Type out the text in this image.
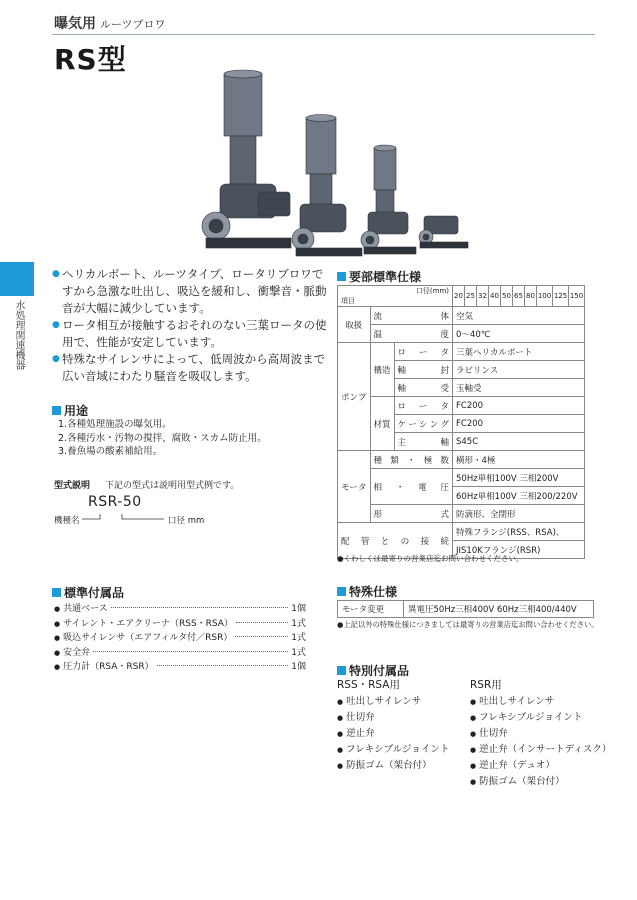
曝気用 ルーツブロワ
RS型
水処理関連機器
● ヘリカルボート、ルーツタイプ、ロータリブロワですから急激な吐出し、吸込を緩和し、衝撃音・脈動音が大幅に減少しています。
● ロータ相互が接触するおそれのない三葉ロータの使用で、性能が安定しています。
● 特殊なサイレンサによって、低周波から高周波まで広い音域にわたり騒音を吸収します。
用途
1.各種処理施設の曝気用。
2.各種汚水・汚物の撹拌、腐敗・スカム防止用。
3.養魚場の酸素補給用。
型式説明 下記の型式は説明用型式例です。
RSR-50
機種名	口径 mm
標準付属品
● 共通ベース	1個
● サイレント・エアクリーナ（RSS・RSA）	1式
● 吸込サイレンサ（エアフィルタ付／RSR）	1式
● 安全弁	1式
● 圧力計（RSA・RSR）	1個
要部標準仕様
口径(mm)
項目			20	25	32	40	50	65	80	100	125	150
取扱	流体		空気									
	温度		0～40℃									
ポンプ	構造	ロータ	三葉ヘリカルボート									
		軸封	ラビリンス									
		軸受	玉軸受									
	材質	ロータ	FC200									
		ケーシング	FC200									
		主軸	S45C									
モータ	種類・極数		横形・4極									
	相・電圧		50Hz単相100V 三相200V									
			60Hz単相100V 三相200/220V									
	形式		防滴形、全閉形									
配管との接続			特殊フランジ(RSS、RSA)、									
			JIS10Kフランジ(RSR)									
●くわしくは最寄りの営業店迄お問い合わせください。
特殊仕様
モータ変更	異電圧50Hz三相400V 60Hz三相400/440V
●上記以外の特殊仕様につきましては最寄りの営業店迄お問い合わせください。
特別付属品
RSS・RSA用
● 吐出しサイレンサ
● 仕切弁
● 逆止弁
● フレキシブルジョイント
● 防振ゴム（架台付）
RSR用
● 吐出しサイレンサ
● フレキシブルジョイント
● 仕切弁
● 逆止弁（インサートディスク）
● 逆止弁（デュオ）
● 防振ゴム（架台付）
